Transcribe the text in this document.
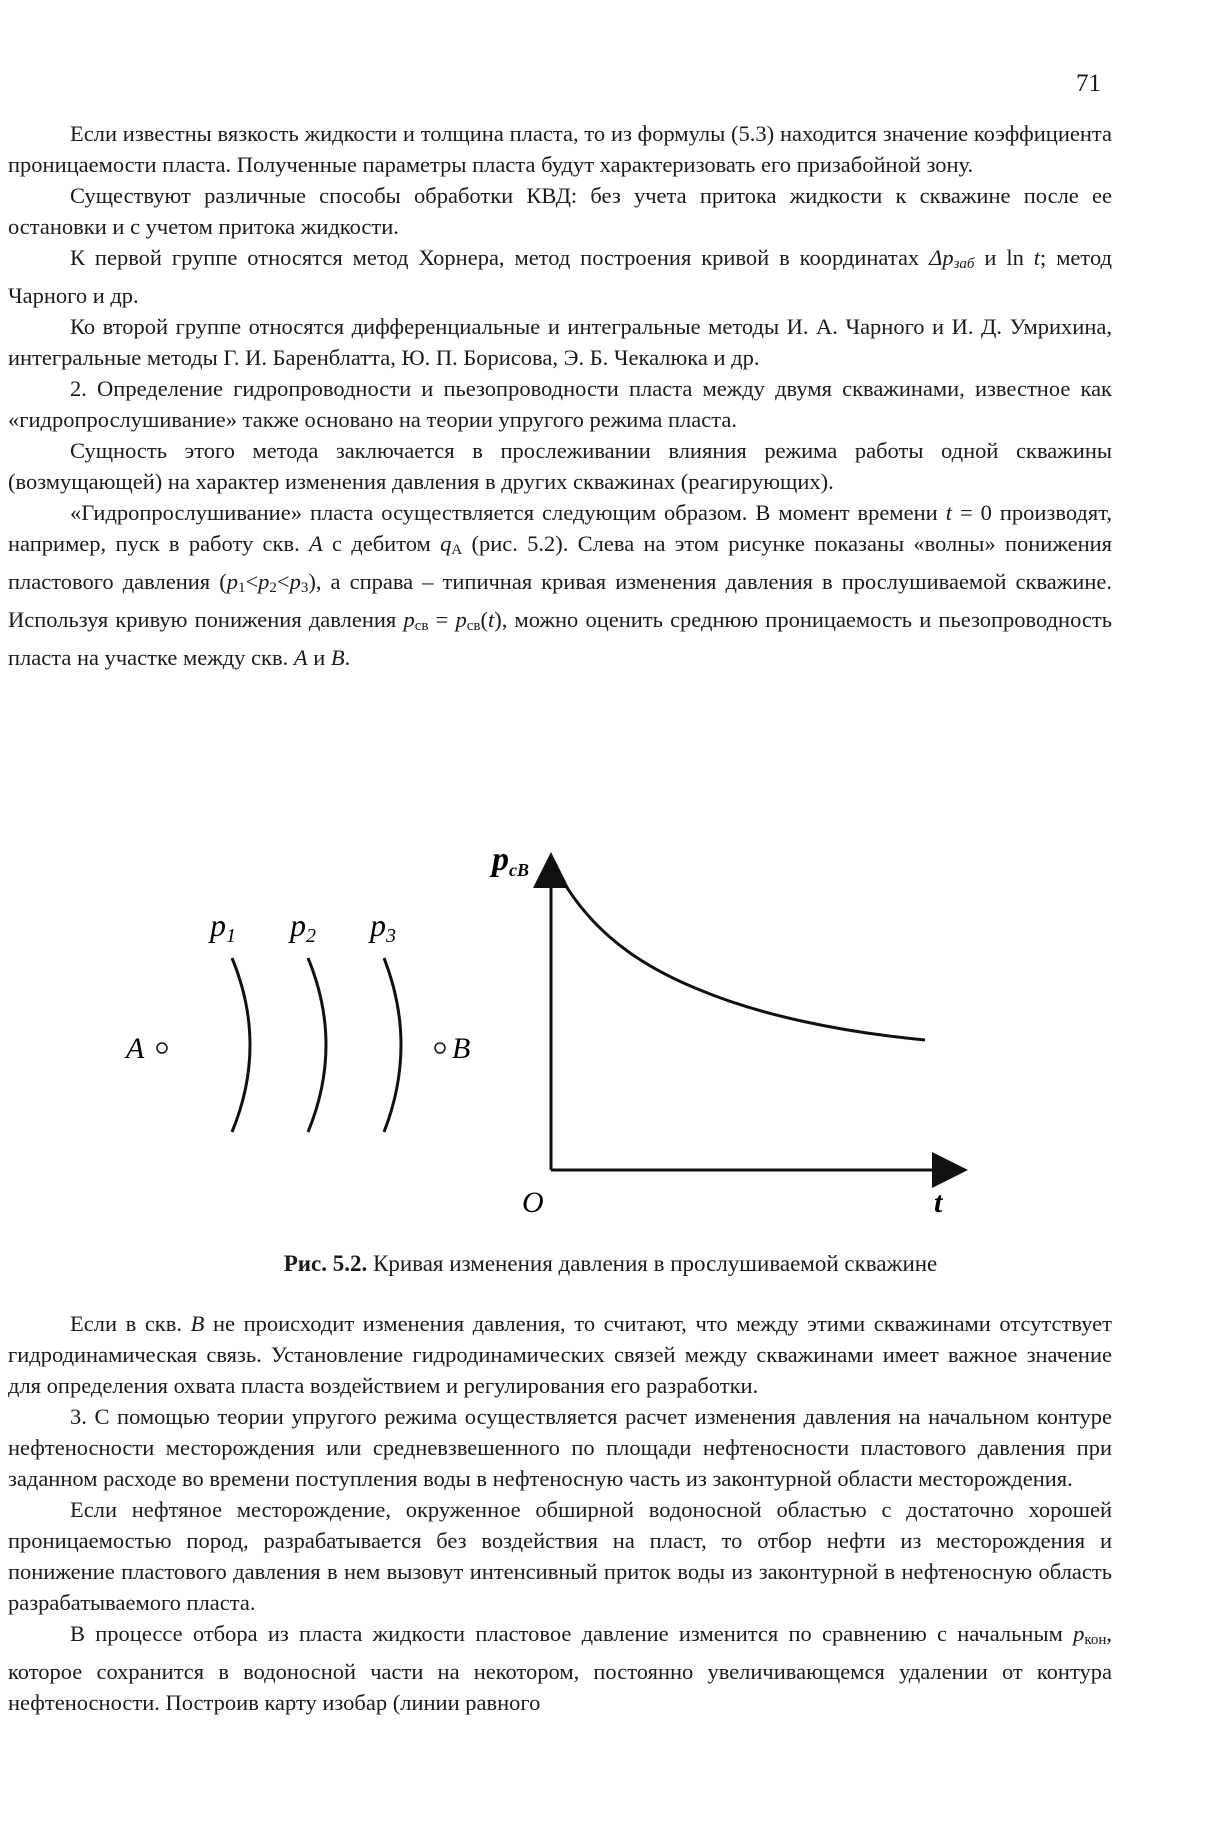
71

Если известны вязкость жидкости и толщина пласта, то из формулы (5.3) находится значение коэффициента проницаемости пласта. Полученные параметры пласта будут характеризовать его призабойной зону.

Существуют различные способы обработки КВД: без учета притока жидкости к скважине после ее остановки и с учетом притока жидкости.

К первой группе относятся метод Хорнера, метод построения кривой в координатах $\Delta p_{заб}$ и ln t; метод Чарного и др.

Ко второй группе относятся дифференциальные и интегральные методы И. А. Чарного и И. Д. Умрихина, интегральные методы Г. И. Баренблатта, Ю. П. Борисова, Э. Б. Чекалюка и др.

2. Определение гидропроводности и пьезопроводности пласта между двумя скважинами, известное как «гидропрослушивание» также основано на теории упругого режима пласта.

Сущность этого метода заключается в прослеживании влияния режима работы одной скважины (возмущающей) на характер изменения давления в других скважинах (реагирующих).

«Гидропрослушивание» пласта осуществляется следующим образом. В момент времени t = 0 производят, например, пуск в работу скв. А с дебитом $q_A$ (рис. 5.2). Слева на этом рисунке показаны «волны» понижения пластового давления $(p_1<p_2<p_3)$, а справа – типичная кривая изменения давления в прослушиваемой скважине. Используя кривую понижения давления $p_{св} = p_{св}(t)$, можно оценить среднюю проницаемость и пьезопроводность пласта на участке между скв. А и В.

A
p1 p2 p3
B
pcB
O	t
Рис. 5.2. Кривая изменения давления в прослушиваемой скважине

Если в скв. В не происходит изменения давления, то считают, что между этими скважинами отсутствует гидродинамическая связь. Установление гидродинамических связей между скважинами имеет важное значение для определения охвата пласта воздействием и регулирования его разработки.

3. С помощью теории упругого режима осуществляется расчет изменения давления на начальном контуре нефтеносности месторождения или средневзвешенного по площади нефтеносности пластового давления при заданном расходе во времени поступления воды в нефтеносную часть из законтурной области месторождения.

Если нефтяное месторождение, окруженное обширной водоносной областью с достаточно хорошей проницаемостью пород, разрабатывается без воздействия на пласт, то отбор нефти из месторождения и понижение пластового давления в нем вызовут интенсивный приток воды из законтурной в нефтеносную область разрабатываемого пласта.

В процессе отбора из пласта жидкости пластовое давление изменится по сравнению с начальным $p_{кон}$, которое сохранится в водоносной части на некотором, постоянно увеличивающемся удалении от контура нефтеносности. Построив карту изобар (линии равного
